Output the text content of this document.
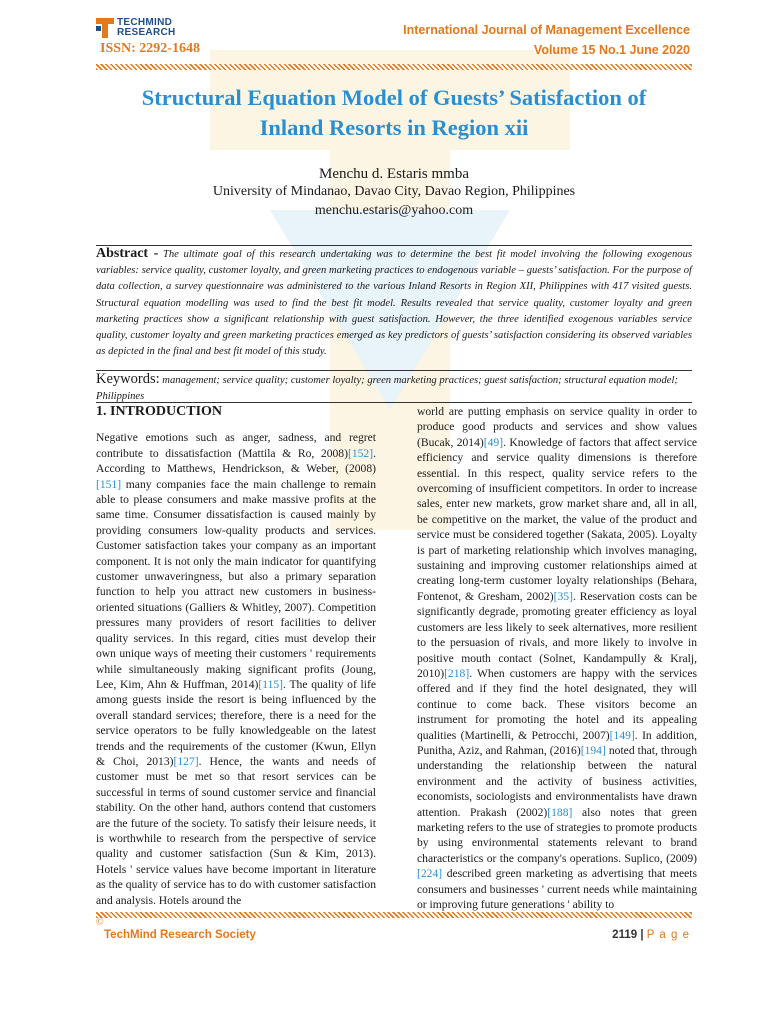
TECHMIND
RESEARCH
ISSN: 2292-1648
International Journal of Management Excellence
Volume 15 No.1 June 2020
Structural Equation Model of Guests’ Satisfaction of
Inland Resorts in Region xii
Menchu d. Estaris mmba
University of Mindanao, Davao City, Davao Region, Philippines
menchu.estaris@yahoo.com
Abstract - The ultimate goal of this research undertaking was to determine the best fit model involving the following exogenous variables: service quality, customer loyalty, and green marketing practices to endogenous variable – guests’ satisfaction. For the purpose of data collection, a survey questionnaire was administered to the various Inland Resorts in Region XII, Philippines with 417 visited guests. Structural equation modelling was used to find the best fit model. Results revealed that service quality, customer loyalty and green marketing practices show a significant relationship with guest satisfaction. However, the three identified exogenous variables service quality, customer loyalty and green marketing practices emerged as key predictors of guests’ satisfaction considering its observed variables as depicted in the final and best fit model of this study.
Keywords: management; service quality; customer loyalty; green marketing practices; guest satisfaction; structural equation model; Philippines
1. INTRODUCTION

Negative emotions such as anger, sadness, and regret contribute to dissatisfaction (Mattila & Ro, 2008)[152]. According to Matthews, Hendrickson, & Weber, (2008)[151] many companies face the main challenge to remain able to please consumers and make massive profits at the same time. Consumer dissatisfaction is caused mainly by providing consumers low-quality products and services. Customer satisfaction takes your company as an important component. It is not only the main indicator for quantifying customer unwaveringness, but also a primary separation function to help you attract new customers in business-oriented situations (Galliers & Whitley, 2007). Competition pressures many providers of resort facilities to deliver quality services. In this regard, cities must develop their own unique ways of meeting their customers ' requirements while simultaneously making significant profits (Joung, Lee, Kim, Ahn & Huffman, 2014)[115]. The quality of life among guests inside the resort is being influenced by the overall standard services; therefore, there is a need for the service operators to be fully knowledgeable on the latest trends and the requirements of the customer (Kwun, Ellyn & Choi, 2013)[127]. Hence, the wants and needs of customer must be met so that resort services can be successful in terms of sound customer service and financial stability. On the other hand, authors contend that customers are the future of the society. To satisfy their leisure needs, it is worthwhile to research from the perspective of service quality and customer satisfaction (Sun & Kim, 2013). Hotels ' service values have become important in literature as the quality of service has to do with customer satisfaction and analysis. Hotels around the

world are putting emphasis on service quality in order to produce good products and services and show values (Bucak, 2014)[49]. Knowledge of factors that affect service efficiency and service quality dimensions is therefore essential. In this respect, quality service refers to the overcoming of insufficient competitors. In order to increase sales, enter new markets, grow market share and, all in all, be competitive on the market, the value of the product and service must be considered together (Sakata, 2005). Loyalty is part of marketing relationship which involves managing, sustaining and improving customer relationships aimed at creating long-term customer loyalty relationships (Behara, Fontenot, & Gresham, 2002)[35]. Reservation costs can be significantly degrade, promoting greater efficiency as loyal customers are less likely to seek alternatives, more resilient to the persuasion of rivals, and more likely to involve in positive mouth contact (Solnet, Kandampully & Kralj, 2010)[218]. When customers are happy with the services offered and if they find the hotel designated, they will continue to come back. These visitors become an instrument for promoting the hotel and its appealing qualities (Martinelli, & Petrocchi, 2007)[149]. In addition, Punitha, Aziz, and Rahman, (2016)[194] noted that, through understanding the relationship between the natural environment and the activity of business activities, economists, sociologists and environmentalists have drawn attention. Prakash (2002)[188] also notes that green marketing refers to the use of strategies to promote products by using environmental statements relevant to brand characteristics or the company's operations. Suplico, (2009)[224] described green marketing as advertising that meets consumers and businesses ' current needs while maintaining or improving future generations ' ability to

©
TechMind Research Society	2119 | P a g e
